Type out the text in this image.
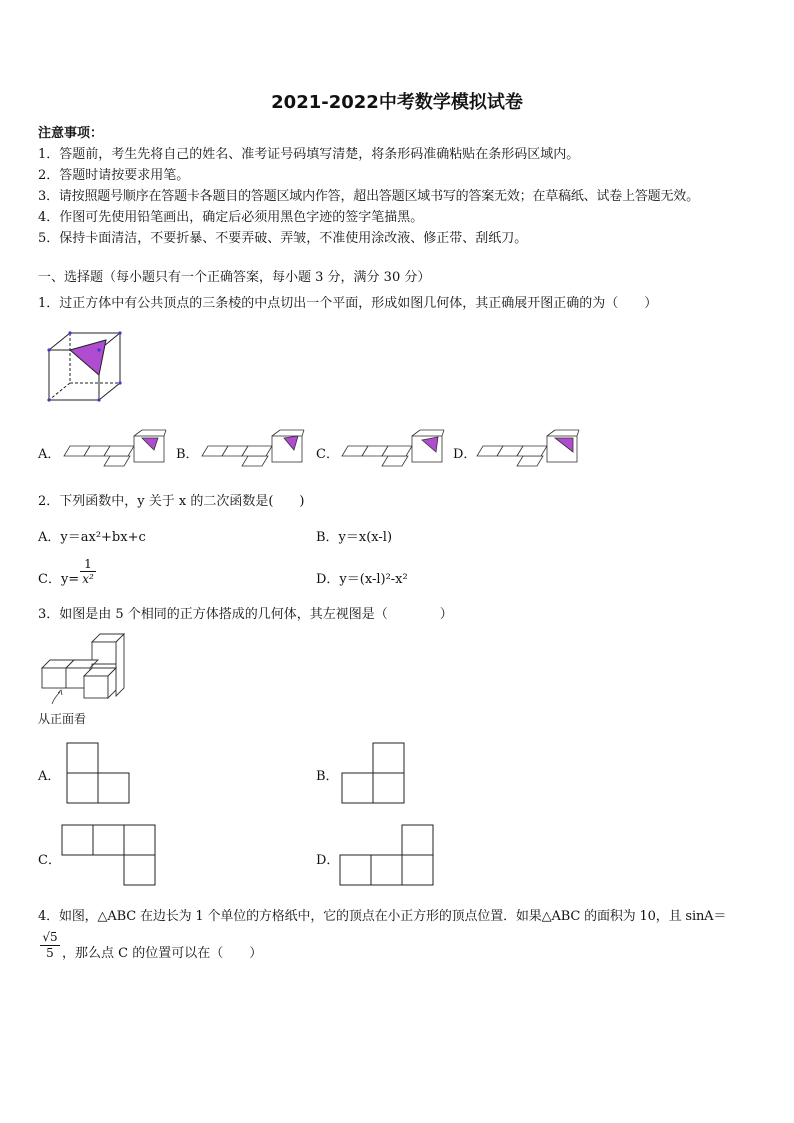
2021-2022中考数学模拟试卷
注意事项：
1．答题前，考生先将自己的姓名、准考证号码填写清楚，将条形码准确粘贴在条形码区域内。
2．答题时请按要求用笔。
3．请按照题号顺序在答题卡各题目的答题区域内作答，超出答题区域书写的答案无效；在草稿纸、试卷上答题无效。
4．作图可先使用铅笔画出，确定后必须用黑色字迹的签字笔描黑。
5．保持卡面清洁，不要折暴、不要弄破、弄皱，不准使用涂改液、修正带、刮纸刀。
一、选择题（每小题只有一个正确答案，每小题 3 分，满分 30 分）
1．过正方体中有公共顶点的三条棱的中点切出一个平面，形成如图几何体，其正确展开图正确的为（　　）
A．	B．	C．	D．
2．下列函数中，y 关于 x 的二次函数是(　　)
A．y＝ax²+bx+c	B．y＝x(x-l)
C．y=
1
x²	D．y＝(x-l)²-x²
3．如图是由 5 个相同的正方体搭成的几何体，其左视图是（　　　　）
从正面看
A．	B．
C．	D．
4．如图，△ABC 在边长为 1 个单位的方格纸中，它的顶点在小正方形的顶点位置．如果△ABC 的面积为 10，且 sinA＝
√5
5 ，那么点 C 的位置可以在（　　）
